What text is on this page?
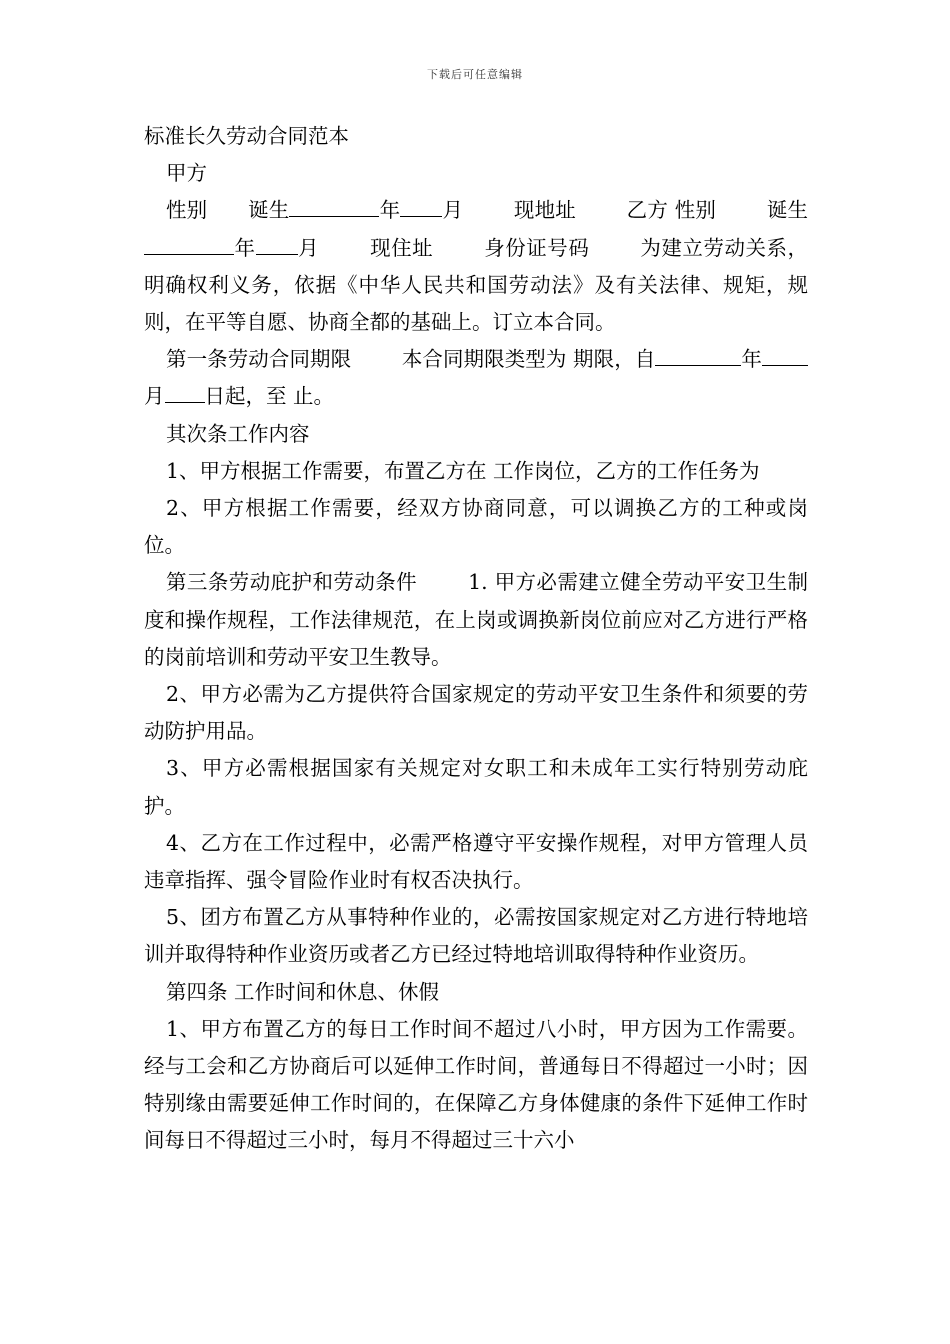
下载后可任意编辑

标准长久劳动合同范本

甲方

性别 诞生	年 月 现地址 乙方 性别 诞生年 月 现住址 身份证号码 为建立劳动关系，明确权利义务，依据《中华人民共和国劳动法》及有关法律、规矩，规则，在平等自愿、协商全都的基础上。订立本合同。

第一条劳动合同期限 本合同期限类型为 期限，自	年月 日起，至 止。

其次条工作内容

1、甲方根据工作需要，布置乙方在 工作岗位，乙方的工作任务为

2、甲方根据工作需要，经双方协商同意，可以调换乙方的工种或岗位。

第三条劳动庇护和劳动条件 1. 甲方必需建立健全劳动平安卫生制度和操作规程，工作法律规范，在上岗或调换新岗位前应对乙方进行严格的岗前培训和劳动平安卫生教导。

2、甲方必需为乙方提供符合国家规定的劳动平安卫生条件和须要的劳动防护用品。

3、甲方必需根据国家有关规定对女职工和未成年工实行特别劳动庇护。

4、乙方在工作过程中，必需严格遵守平安操作规程，对甲方管理人员违章指挥、强令冒险作业时有权否决执行。

5、团方布置乙方从事特种作业的，必需按国家规定对乙方进行特地培训并取得特种作业资历或者乙方已经过特地培训取得特种作业资历。

第四条 工作时间和休息、休假

1、甲方布置乙方的每日工作时间不超过八小时，甲方因为工作需要。经与工会和乙方协商后可以延伸工作时间，普通每日不得超过一小时；因特别缘由需要延伸工作时间的，在保障乙方身体健康的条件下延伸工作时间每日不得超过三小时，每月不得超过三十六小
